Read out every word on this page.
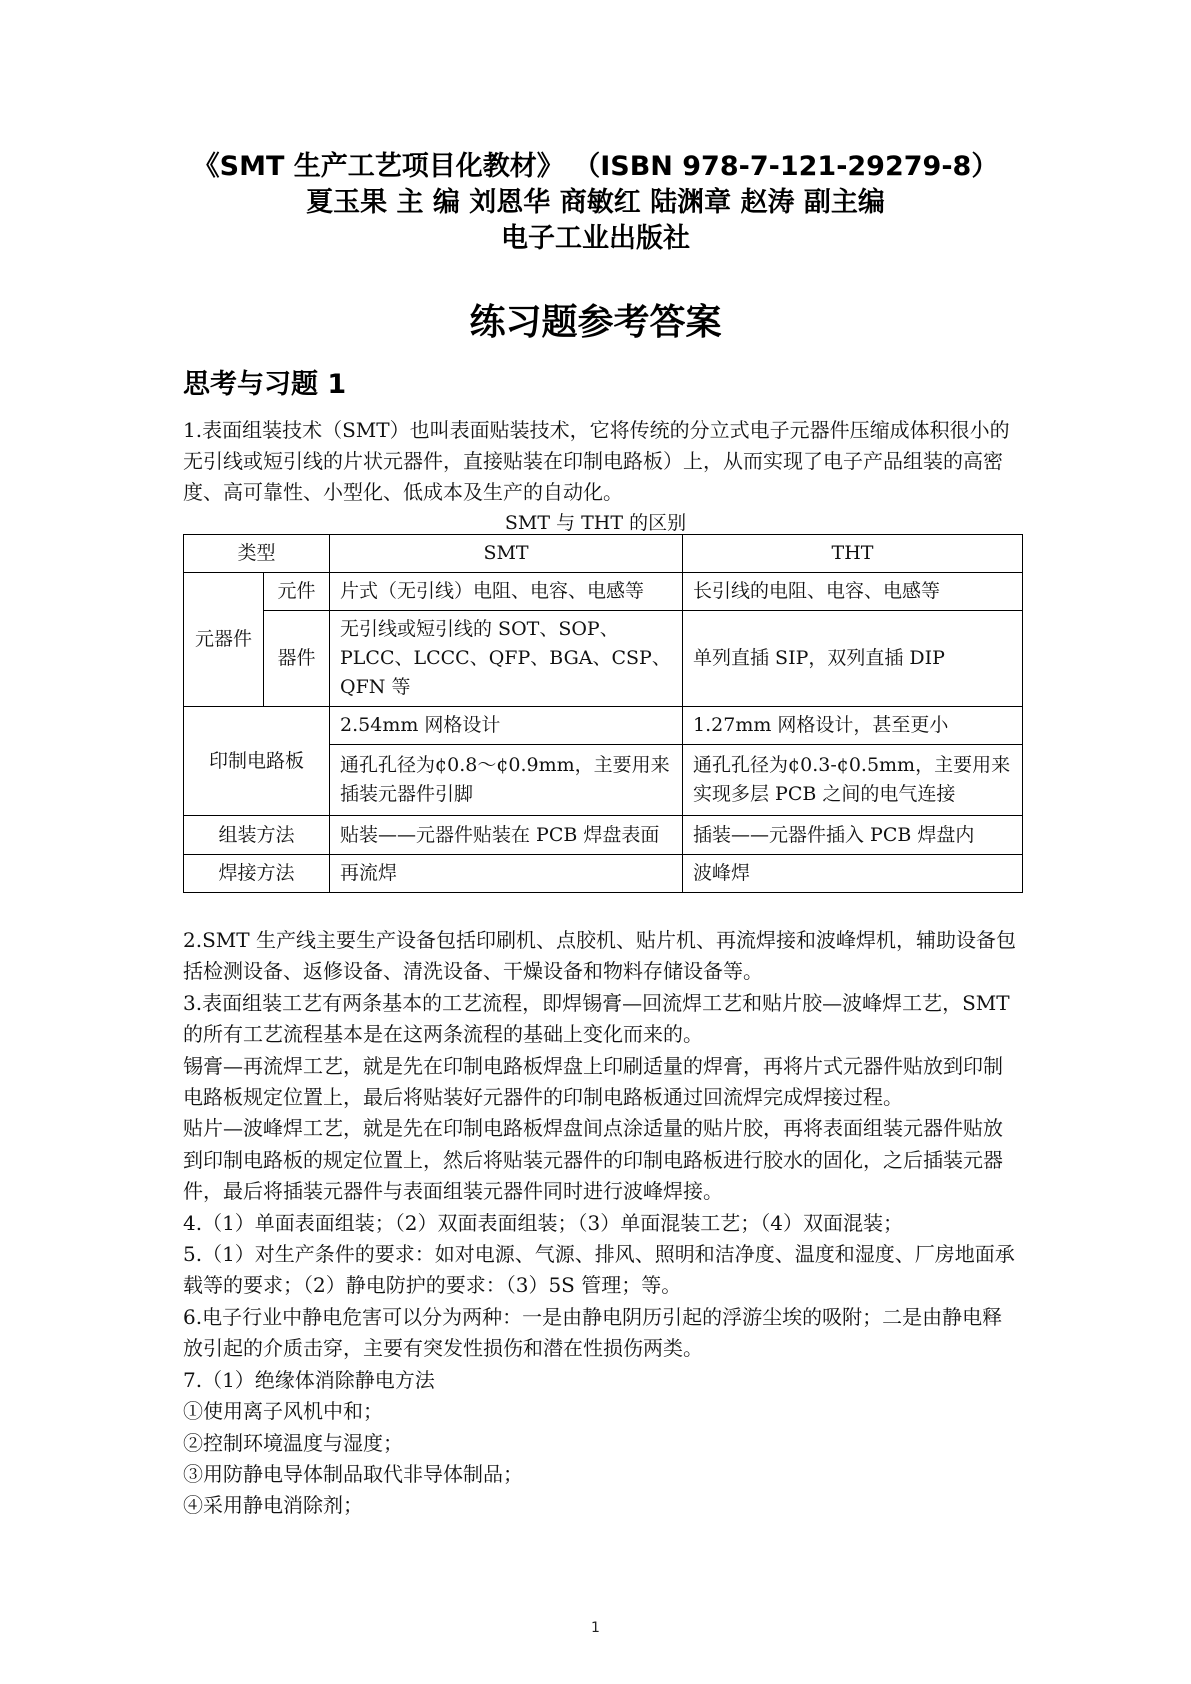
《SMT 生产工艺项目化教材》 （ISBN 978-7-121-29279-8）
夏玉果 主 编 刘恩华 商敏红 陆渊章 赵涛 副主编
电子工业出版社
练习题参考答案
思考与习题 1

1.表面组装技术（SMT）也叫表面贴装技术，它将传统的分立式电子元器件压缩成体积很小的无引线或短引线的片状元器件，直接贴装在印制电路板）上，从而实现了电子产品组装的高密度、高可靠性、小型化、低成本及生产的自动化。

SMT 与 THT 的区别
类型		SMT	THT
元器件	元件	片式（无引线）电阻、电容、电感等	长引线的电阻、电容、电感等
	器件	无引线或短引线的 SOT、SOP、PLCC、LCCC、QFP、BGA、CSP、QFN 等	单列直插 SIP，双列直插 DIP
印制电路板		2.54mm 网格设计	1.27mm 网格设计，甚至更小
		通孔孔径为¢0.8～¢0.9mm，主要用来插装元器件引脚	通孔孔径为¢0.3-¢0.5mm，主要用来实现多层 PCB 之间的电气连接
组装方法		贴装——元器件贴装在 PCB 焊盘表面	插装——元器件插入 PCB 焊盘内
焊接方法		再流焊	波峰焊

2.SMT 生产线主要生产设备包括印刷机、点胶机、贴片机、再流焊接和波峰焊机，辅助设备包括检测设备、返修设备、清洗设备、干燥设备和物料存储设备等。

3.表面组装工艺有两条基本的工艺流程，即焊锡膏—回流焊工艺和贴片胶—波峰焊工艺，SMT 的所有工艺流程基本是在这两条流程的基础上变化而来的。

锡膏—再流焊工艺，就是先在印制电路板焊盘上印刷适量的焊膏，再将片式元器件贴放到印制电路板规定位置上，最后将贴装好元器件的印制电路板通过回流焊完成焊接过程。

贴片—波峰焊工艺，就是先在印制电路板焊盘间点涂适量的贴片胶，再将表面组装元器件贴放到印制电路板的规定位置上，然后将贴装元器件的印制电路板进行胶水的固化，之后插装元器件，最后将插装元器件与表面组装元器件同时进行波峰焊接。

4.（1）单面表面组装；（2）双面表面组装；（3）单面混装工艺；（4）双面混装；

5.（1）对生产条件的要求：如对电源、气源、排风、照明和洁净度、温度和湿度、厂房地面承载等的要求；（2）静电防护的要求：（3）5S 管理；等。

6.电子行业中静电危害可以分为两种：一是由静电阴历引起的浮游尘埃的吸附；二是由静电释放引起的介质击穿，主要有突发性损伤和潜在性损伤两类。

7.（1）绝缘体消除静电方法

①使用离子风机中和；

②控制环境温度与湿度；

③用防静电导体制品取代非导体制品；

④采用静电消除剂；

1
